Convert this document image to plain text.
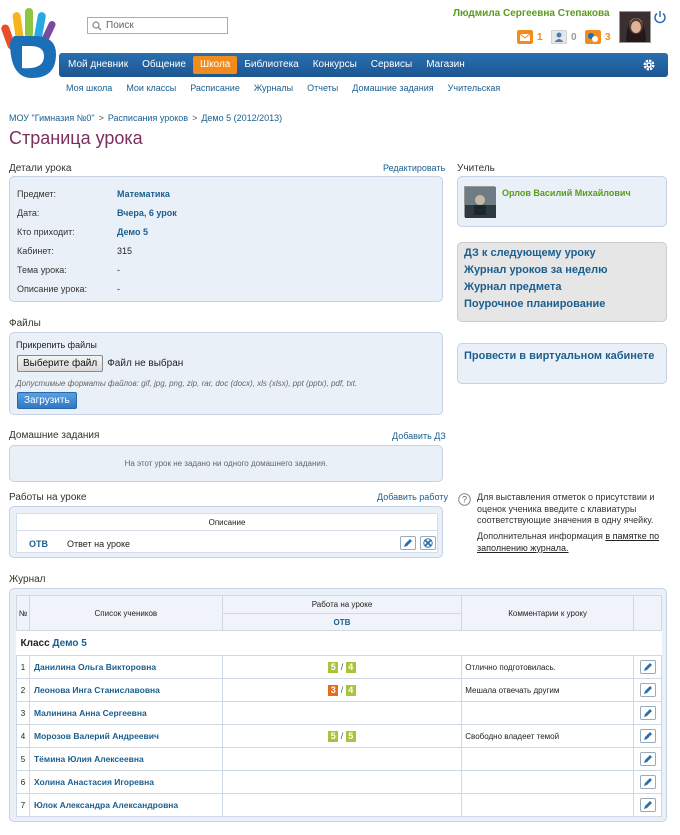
Поиск
Людмила Сергеевна Степакова
1	0	3
Мой дневник	Общение	Школа	Библиотека	Конкурсы	Сервисы	Магазин
Моя школа	Мои классы	Расписание	Журналы	Отчеты	Домашние задания	Учительская
МОУ "Гимназия №0" > Расписания уроков > Демо 5 (2012/2013)
Страница урока
Детали урока	Редактировать
Предмет:	Математика
Дата:	Вчера, 6 урок
Кто приходит:	Демо 5
Кабинет:	315
Тема урока:	-
Описание урока:	-
Файлы
Прикрепить файлы
Выберите файл	Файл не выбран
Допустимые форматы файлов: gif, jpg, png, zip, rar, doc (docx), xls (xlsx), ppt (pptx), pdf, txt.
Загрузить
Домашние задания	Добавить ДЗ
На этот урок не задано ни одного домашнего задания.
Работы на уроке	Добавить работу
Описание
ОТВ Ответ на уроке
Учитель
Орлов Василий Михайлович
ДЗ к следующему уроку
Журнал уроков за неделю
Журнал предмета
Поурочное планирование
Провести в виртуальном кабинете
? Для выставления отметок о присутствии и оценок ученика введите с клавиатуры соответствующие значения в одну ячейку.
Дополнительная информация в памятке по заполнению журнала.
Журнал
№	Список учеников	Работа на уроке	Комментарии к уроку	
		ОТВ		
Класс Демо 5				
1	Данилина Ольга Викторовна	5 / 4	Отлично подготовилась.	

2	Леонова Инга Станиславовна	3 / 4	Мешала отвечать другим	

3	Малинина Анна Сергеевна			

4	Морозов Валерий Андреевич	5 / 5	Свободно владеет темой	

5	Тёмина Юлия Алексеевна			

6	Холина Анастасия Игоревна			

7	Юлок Александра Александровна			
